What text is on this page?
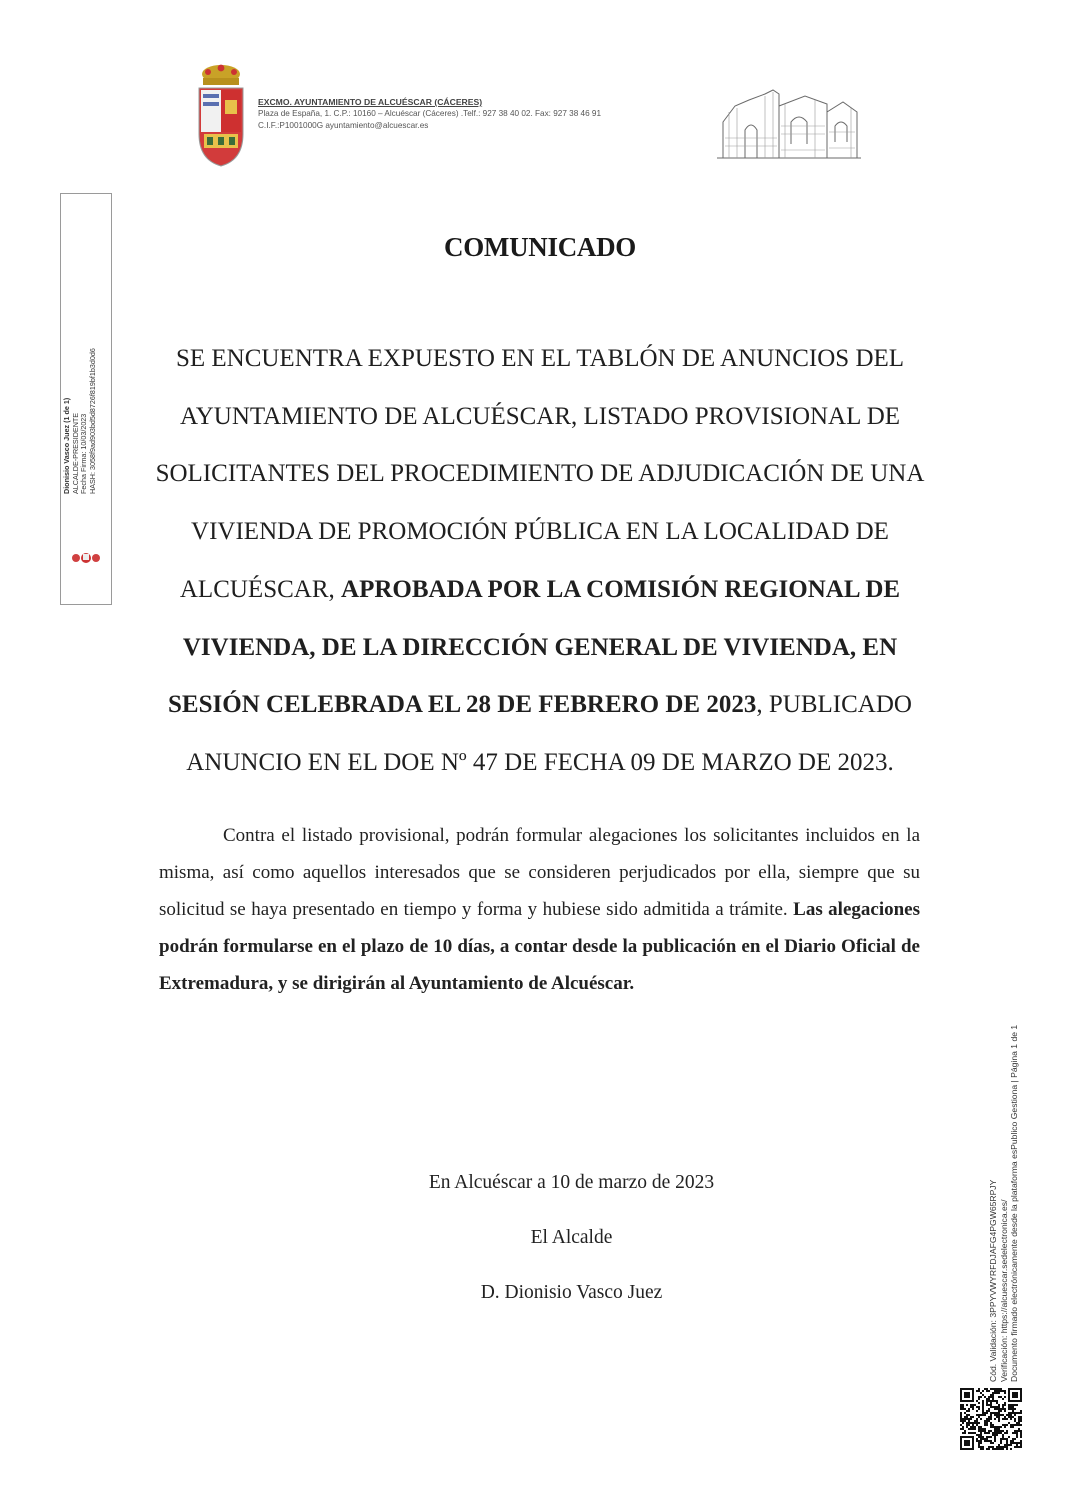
EXCMO. AYUNTAMIENTO DE ALCUÉSCAR (CÁCERES)
Plaza de España, 1. C.P.: 10160 – Alcuéscar (Cáceres) .Telf.: 927 38 40 02. Fax: 927 38 46 91
C.I.F.:P1001000G ayuntamiento@alcuescar.es
Dionisio Vasco Juez (1 de 1) ALCALDE-PRESIDENTE Fecha Firma: 10/03/2023 HASH: 3058f9ad903bd5d8726f819bf1b3d0d6
COMUNICADO
SE ENCUENTRA EXPUESTO EN EL TABLÓN DE ANUNCIOS DEL AYUNTAMIENTO DE ALCUÉSCAR, LISTADO PROVISIONAL DE SOLICITANTES DEL PROCEDIMIENTO DE ADJUDICACIÓN DE UNA VIVIENDA DE PROMOCIÓN PÚBLICA EN LA LOCALIDAD DE ALCUÉSCAR, APROBADA POR LA COMISIÓN REGIONAL DE VIVIENDA, DE LA DIRECCIÓN GENERAL DE VIVIENDA, EN SESIÓN CELEBRADA EL 28 DE FEBRERO DE 2023, PUBLICADO ANUNCIO EN EL DOE Nº 47 DE FECHA 09 DE MARZO DE 2023.
Contra el listado provisional, podrán formular alegaciones los solicitantes incluidos en la misma, así como aquellos interesados que se consideren perjudicados por ella, siempre que su solicitud se haya presentado en tiempo y forma y hubiese sido admitida a trámite. Las alegaciones podrán formularse en el plazo de 10 días, a contar desde la publicación en el Diario Oficial de Extremadura, y se dirigirán al Ayuntamiento de Alcuéscar.
En Alcuéscar a 10 de marzo de 2023
El Alcalde
D. Dionisio Vasco Juez	Cód. Validación: 3PPYVWYRFDJAFG4PGW65RPJY Verificación: https://alcuescar.sedelectronica.es/ Documento firmado electrónicamente desde la plataforma esPublico Gestiona | Página 1 de 1
